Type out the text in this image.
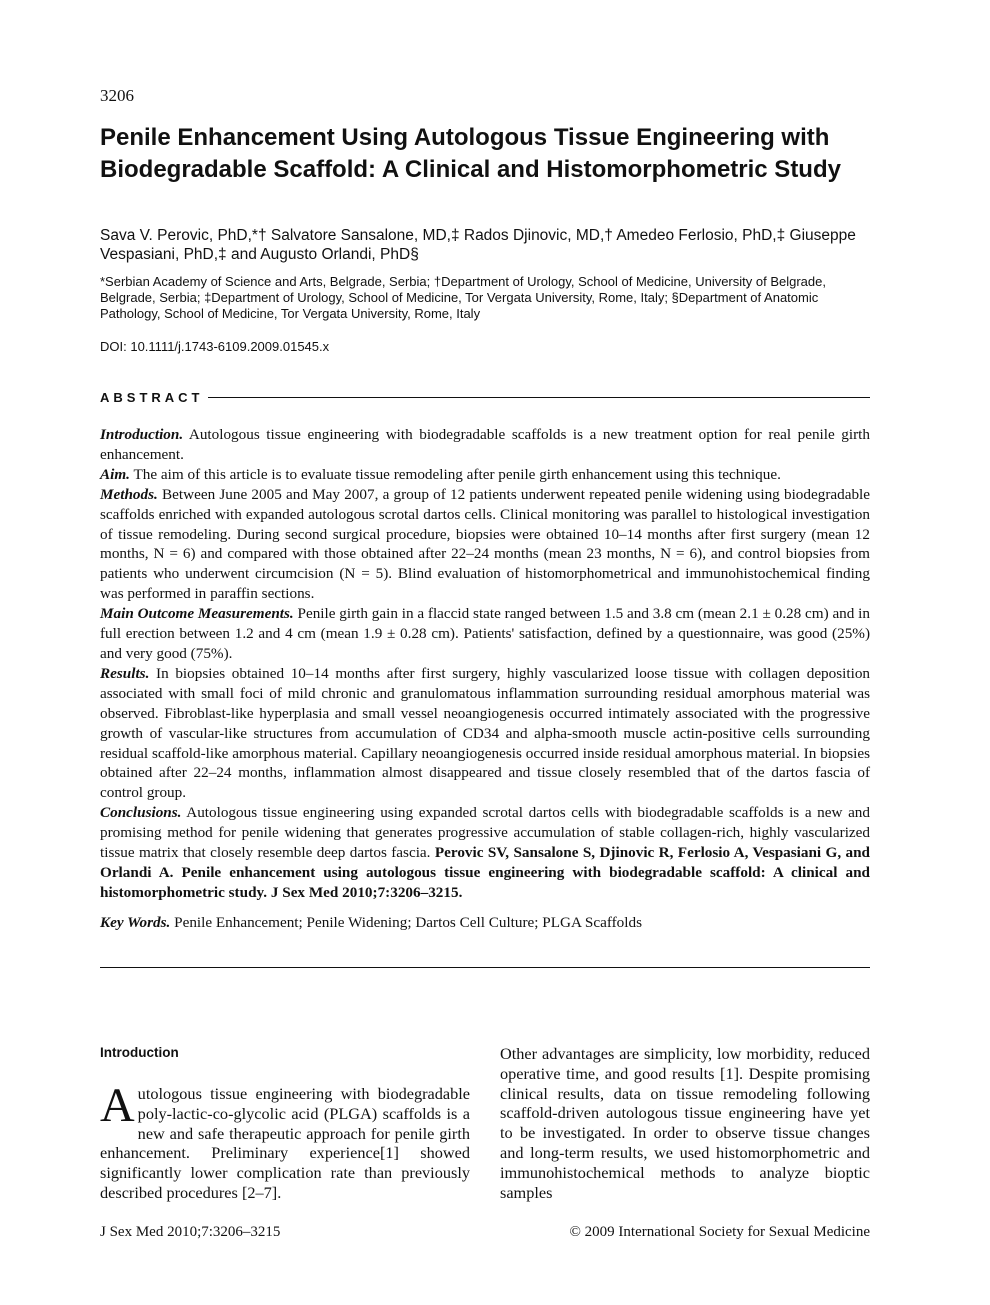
3206
Penile Enhancement Using Autologous Tissue Engineering with Biodegradable Scaffold: A Clinical and Histomorphometric Study
Sava V. Perovic, PhD,*† Salvatore Sansalone, MD,‡ Rados Djinovic, MD,† Amedeo Ferlosio, PhD,‡ Giuseppe Vespasiani, PhD,‡ and Augusto Orlandi, PhD§
*Serbian Academy of Science and Arts, Belgrade, Serbia; †Department of Urology, School of Medicine, University of Belgrade, Belgrade, Serbia; ‡Department of Urology, School of Medicine, Tor Vergata University, Rome, Italy; §Department of Anatomic Pathology, School of Medicine, Tor Vergata University, Rome, Italy
DOI: 10.1111/j.1743-6109.2009.01545.x
ABSTRACT

Introduction. Autologous tissue engineering with biodegradable scaffolds is a new treatment option for real penile girth enhancement.

Aim. The aim of this article is to evaluate tissue remodeling after penile girth enhancement using this technique.

Methods. Between June 2005 and May 2007, a group of 12 patients underwent repeated penile widening using biodegradable scaffolds enriched with expanded autologous scrotal dartos cells. Clinical monitoring was parallel to histological investigation of tissue remodeling. During second surgical procedure, biopsies were obtained 10–14 months after first surgery (mean 12 months, N = 6) and compared with those obtained after 22–24 months (mean 23 months, N = 6), and control biopsies from patients who underwent circumcision (N = 5). Blind evaluation of histomorphometrical and immunohistochemical finding was performed in paraffin sections.

Main Outcome Measurements. Penile girth gain in a flaccid state ranged between 1.5 and 3.8 cm (mean 2.1 ± 0.28 cm) and in full erection between 1.2 and 4 cm (mean 1.9 ± 0.28 cm). Patients' satisfaction, defined by a questionnaire, was good (25%) and very good (75%).

Results. In biopsies obtained 10–14 months after first surgery, highly vascularized loose tissue with collagen deposition associated with small foci of mild chronic and granulomatous inflammation surrounding residual amorphous material was observed. Fibroblast-like hyperplasia and small vessel neoangiogenesis occurred intimately associated with the progressive growth of vascular-like structures from accumulation of CD34 and alpha-smooth muscle actin-positive cells surrounding residual scaffold-like amorphous material. Capillary neoangiogenesis occurred inside residual amorphous material. In biopsies obtained after 22–24 months, inflammation almost disappeared and tissue closely resembled that of the dartos fascia of control group.

Conclusions. Autologous tissue engineering using expanded scrotal dartos cells with biodegradable scaffolds is a new and promising method for penile widening that generates progressive accumulation of stable collagen-rich, highly vascularized tissue matrix that closely resemble deep dartos fascia. Perovic SV, Sansalone S, Djinovic R, Ferlosio A, Vespasiani G, and Orlandi A. Penile enhancement using autologous tissue engineering with biodegradable scaffold: A clinical and histomorphometric study. J Sex Med 2010;7:3206–3215.

Key Words. Penile Enhancement; Penile Widening; Dartos Cell Culture; PLGA Scaffolds
Introduction

Autologous tissue engineering with biodegradable poly-lactic-co-glycolic acid (PLGA) scaffolds is a new and safe therapeutic approach for penile girth enhancement. Preliminary experience[1] showed significantly lower complication rate than previously described procedures [2–7].

Other advantages are simplicity, low morbidity, reduced operative time, and good results [1]. Despite promising clinical results, data on tissue remodeling following scaffold-driven autologous tissue engineering have yet to be investigated. In order to observe tissue changes and long-term results, we used histomorphometric and immunohistochemical methods to analyze bioptic samples

J Sex Med 2010;7:3206–3215	© 2009 International Society for Sexual Medicine
